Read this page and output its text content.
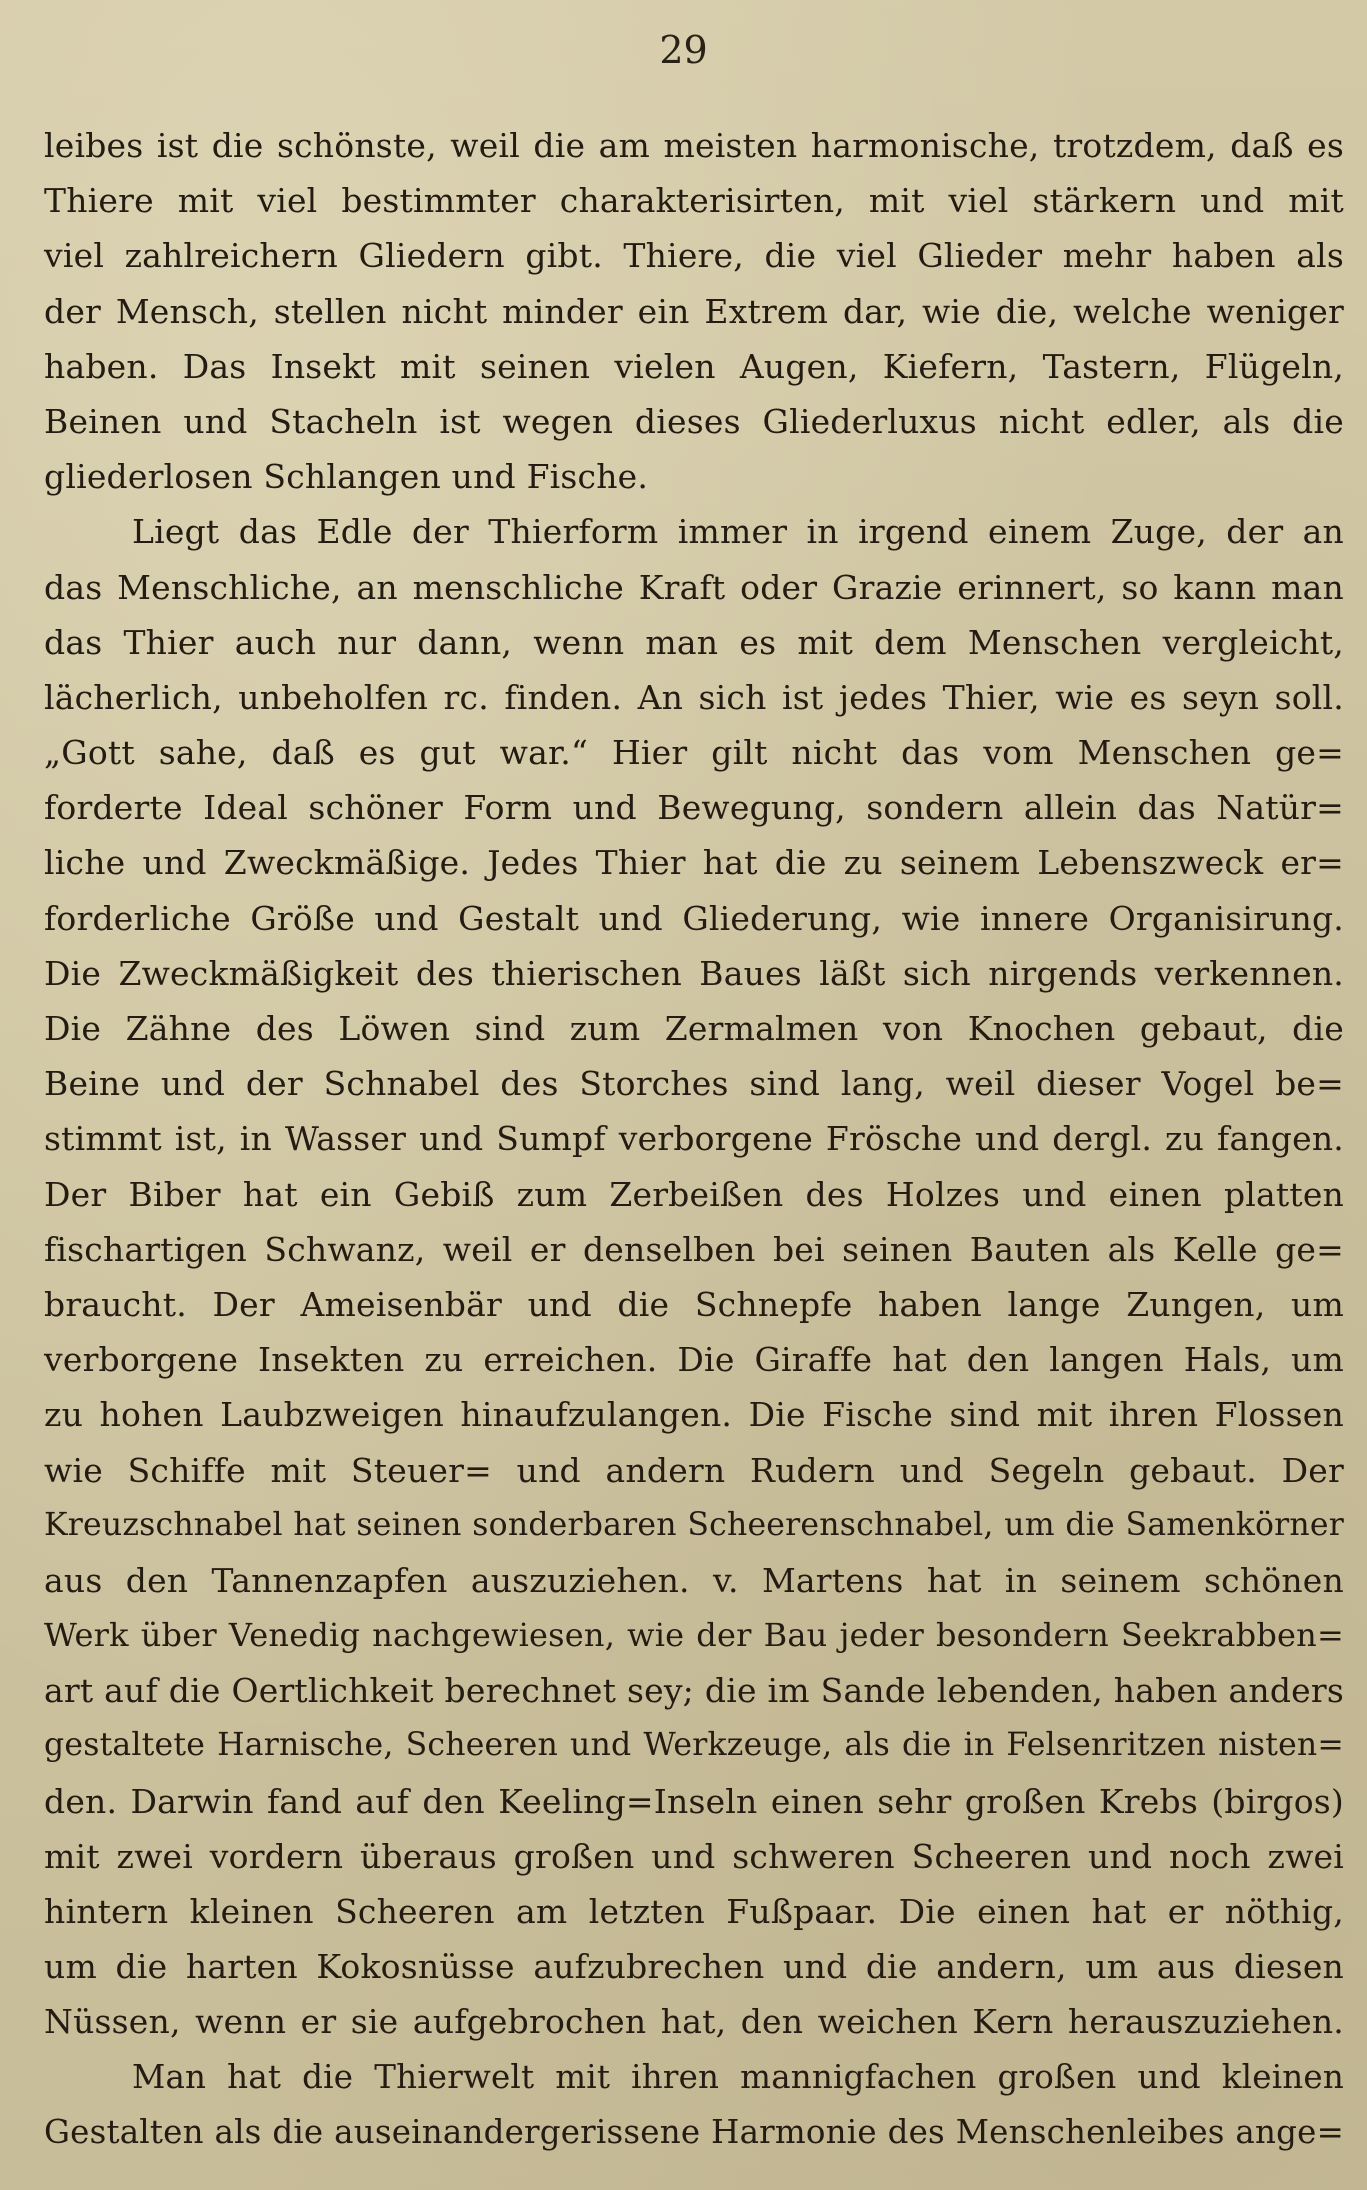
29
leibes ist die schönste, weil die am meisten harmonische, trotzdem, daß es
Thiere mit viel bestimmter charakterisirten, mit viel stärkern und mit
viel zahlreichern Gliedern gibt. Thiere, die viel Glieder mehr haben als
der Mensch, stellen nicht minder ein Extrem dar, wie die, welche weniger
haben. Das Insekt mit seinen vielen Augen, Kiefern, Tastern, Flügeln,
Beinen und Stacheln ist wegen dieses Gliederluxus nicht edler, als die
gliederlosen Schlangen und Fische.
Liegt das Edle der Thierform immer in irgend einem Zuge, der an
das Menschliche, an menschliche Kraft oder Grazie erinnert, so kann man
das Thier auch nur dann, wenn man es mit dem Menschen vergleicht,
lächerlich, unbeholfen rc. finden. An sich ist jedes Thier, wie es seyn soll.
„Gott sahe, daß es gut war.“ Hier gilt nicht das vom Menschen ge=
forderte Ideal schöner Form und Bewegung, sondern allein das Natür=
liche und Zweckmäßige. Jedes Thier hat die zu seinem Lebenszweck er=
forderliche Größe und Gestalt und Gliederung, wie innere Organisirung.
Die Zweckmäßigkeit des thierischen Baues läßt sich nirgends verkennen.
Die Zähne des Löwen sind zum Zermalmen von Knochen gebaut, die
Beine und der Schnabel des Storches sind lang, weil dieser Vogel be=
stimmt ist, in Wasser und Sumpf verborgene Frösche und dergl. zu fangen.
Der Biber hat ein Gebiß zum Zerbeißen des Holzes und einen platten
fischartigen Schwanz, weil er denselben bei seinen Bauten als Kelle ge=
braucht. Der Ameisenbär und die Schnepfe haben lange Zungen, um
verborgene Insekten zu erreichen. Die Giraffe hat den langen Hals, um
zu hohen Laubzweigen hinaufzulangen. Die Fische sind mit ihren Flossen
wie Schiffe mit Steuer= und andern Rudern und Segeln gebaut. Der
Kreuzschnabel hat seinen sonderbaren Scheerenschnabel, um die Samenkörner
aus den Tannenzapfen auszuziehen. v. Martens hat in seinem schönen
Werk über Venedig nachgewiesen, wie der Bau jeder besondern Seekrabben=
art auf die Oertlichkeit berechnet sey; die im Sande lebenden, haben anders
gestaltete Harnische, Scheeren und Werkzeuge, als die in Felsenritzen nisten=
den. Darwin fand auf den Keeling=Inseln einen sehr großen Krebs (birgos)
mit zwei vordern überaus großen und schweren Scheeren und noch zwei
hintern kleinen Scheeren am letzten Fußpaar. Die einen hat er nöthig,
um die harten Kokosnüsse aufzubrechen und die andern, um aus diesen
Nüssen, wenn er sie aufgebrochen hat, den weichen Kern herauszuziehen.
Man hat die Thierwelt mit ihren mannigfachen großen und kleinen
Gestalten als die auseinandergerissene Harmonie des Menschenleibes ange=
